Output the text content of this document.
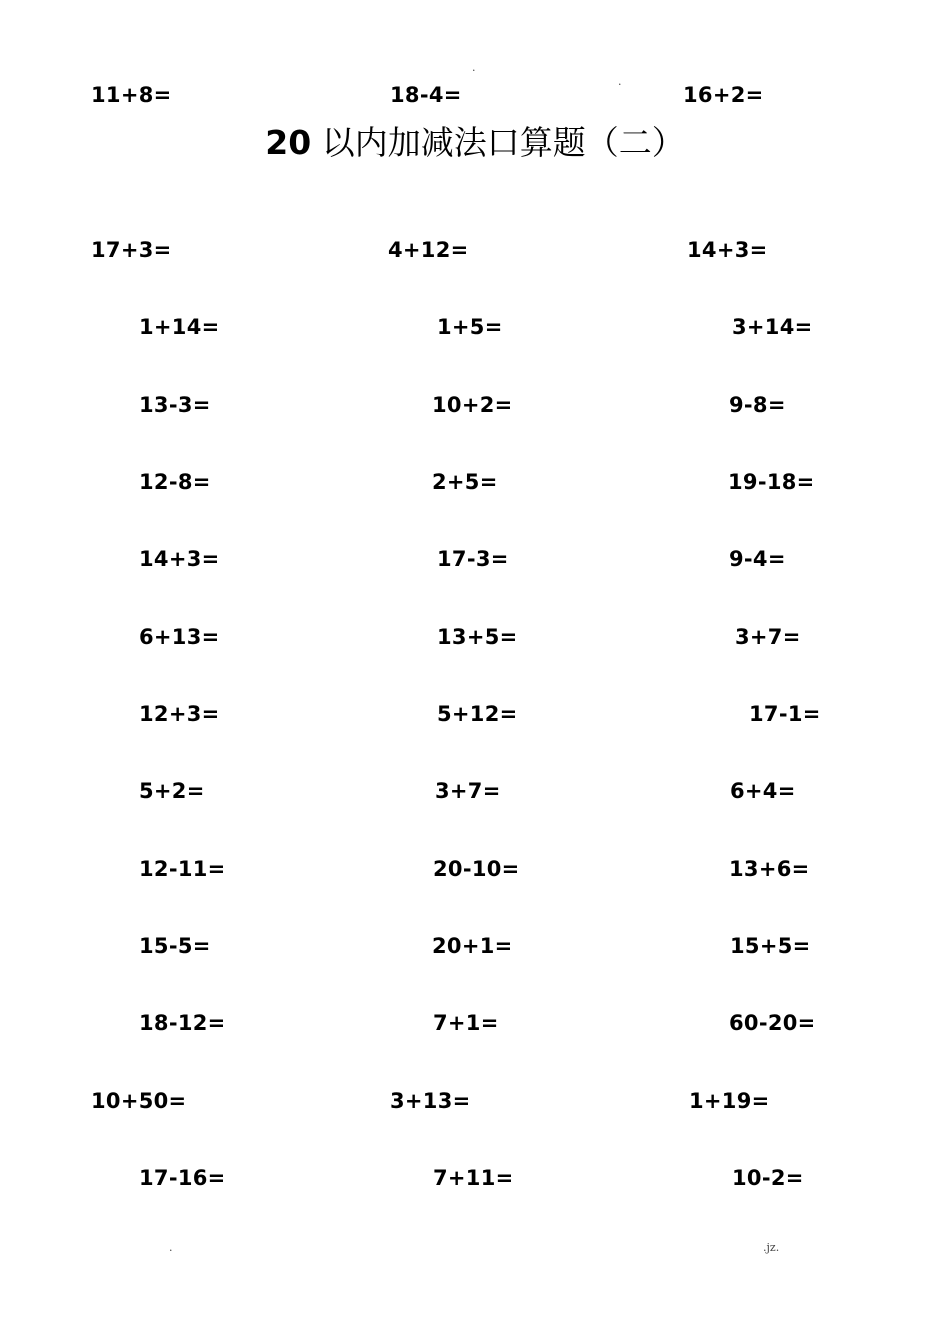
.
.
11+8=	18-4=	16+2=
20 以内加减法口算题（二）
17+3=	4+12=	14+3=
1+14=	1+5=	3+14=
13-3=	10+2=	9-8=
12-8=	2+5=	19-18=
14+3=	17-3=	9-4=
6+13=	13+5=	3+7=
12+3=	5+12=	17-1=
5+2=	3+7=	6+4=
12-11=	20-10=	13+6=
15-5=	20+1=	15+5=
18-12=	7+1=	60-20=
10+50=	3+13=	1+19=
17-16=	7+11=	10-2=
.	.jz.
